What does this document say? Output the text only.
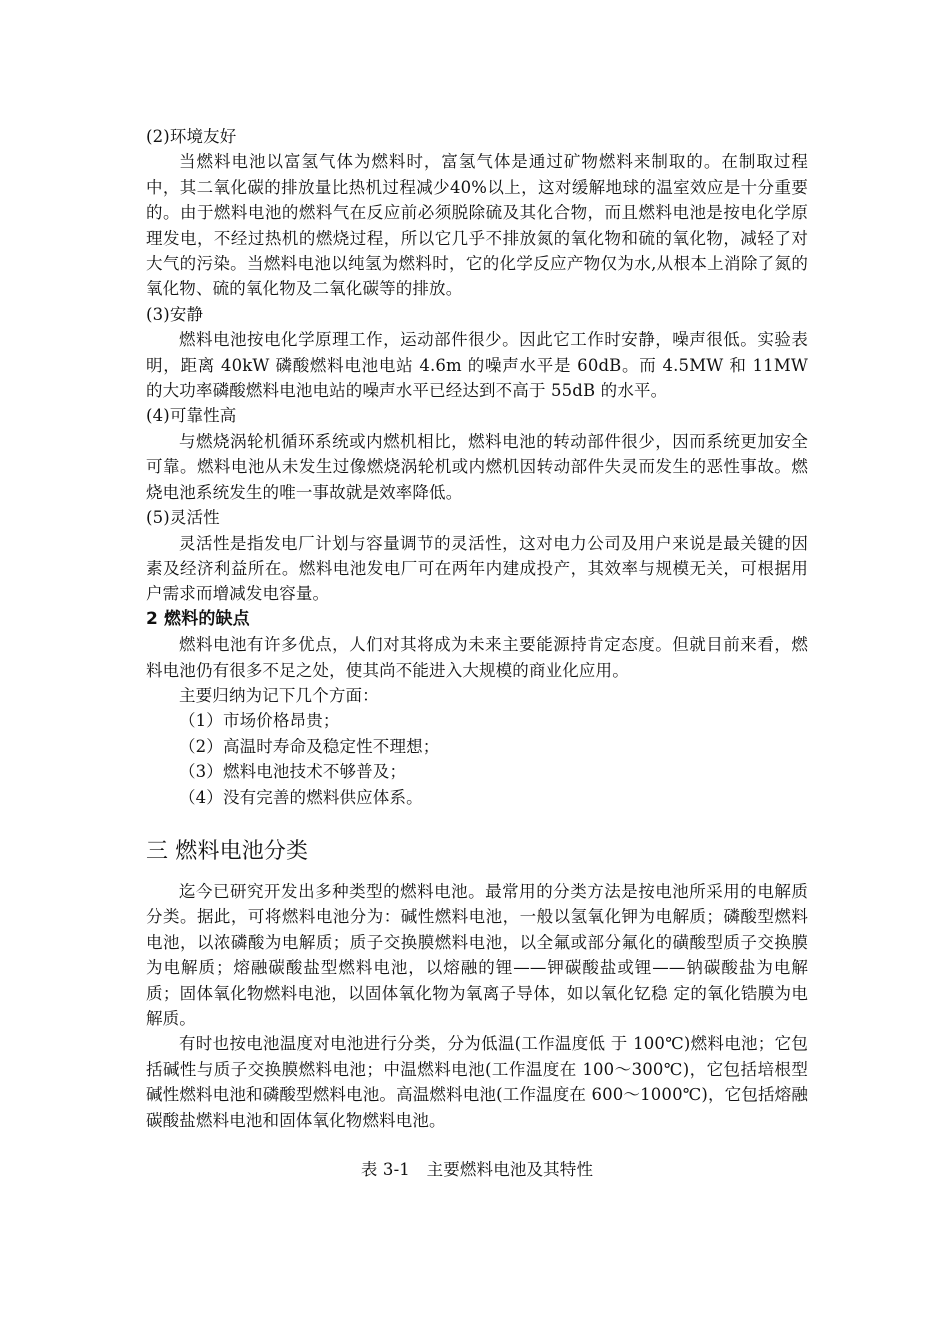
(2)环境友好

当燃料电池以富氢气体为燃料时，富氢气体是通过矿物燃料来制取的。在制取过程中，其二氧化碳的排放量比热机过程减少40%以上，这对缓解地球的温室效应是十分重要的。由于燃料电池的燃料气在反应前必须脱除硫及其化合物，而且燃料电池是按电化学原理发电，不经过热机的燃烧过程，所以它几乎不排放氮的氧化物和硫的氧化物，减轻了对大气的污染。当燃料电池以纯氢为燃料时，它的化学反应产物仅为水,从根本上消除了氮的氧化物、硫的氧化物及二氧化碳等的排放。

(3)安静

燃料电池按电化学原理工作，运动部件很少。因此它工作时安静，噪声很低。实验表明，距离 40kW 磷酸燃料电池电站 4.6m 的噪声水平是 60dB。而 4.5MW 和 11MW 的大功率磷酸燃料电池电站的噪声水平已经达到不高于 55dB 的水平。

(4)可靠性高

与燃烧涡轮机循环系统或内燃机相比，燃料电池的转动部件很少，因而系统更加安全可靠。燃料电池从未发生过像燃烧涡轮机或内燃机因转动部件失灵而发生的恶性事故。燃烧电池系统发生的唯一事故就是效率降低。

(5)灵活性

灵活性是指发电厂计划与容量调节的灵活性，这对电力公司及用户来说是最关键的因素及经济利益所在。燃料电池发电厂可在两年内建成投产，其效率与规模无关，可根据用户需求而增减发电容量。

2 燃料的缺点

燃料电池有许多优点，人们对其将成为未来主要能源持肯定态度。但就目前来看，燃料电池仍有很多不足之处，使其尚不能进入大规模的商业化应用。

主要归纳为记下几个方面：

（1）市场价格昂贵；

（2）高温时寿命及稳定性不理想；

（3）燃料电池技术不够普及；

（4）没有完善的燃料供应体系。

三 燃料电池分类

迄今已研究开发出多种类型的燃料电池。最常用的分类方法是按电池所采用的电解质分类。据此，可将燃料电池分为：碱性燃料电池，一般以氢氧化钾为电解质；磷酸型燃料电池，以浓磷酸为电解质；质子交换膜燃料电池，以全氟或部分氟化的磺酸型质子交换膜为电解质；熔融碳酸盐型燃料电池，以熔融的锂——钾碳酸盐或锂——钠碳酸盐为电解质；固体氧化物燃料电池，以固体氧化物为氧离子导体，如以氧化钇稳 定的氧化锆膜为电解质。

有时也按电池温度对电池进行分类，分为低温(工作温度低 于 100℃)燃料电池；它包括碱性与质子交换膜燃料电池；中温燃料电池(工作温度在 100～300℃)，它包括培根型碱性燃料电池和磷酸型燃料电池。高温燃料电池(工作温度在 600～1000℃)，它包括熔融碳酸盐燃料电池和固体氧化物燃料电池。

表 3-1　主要燃料电池及其特性
